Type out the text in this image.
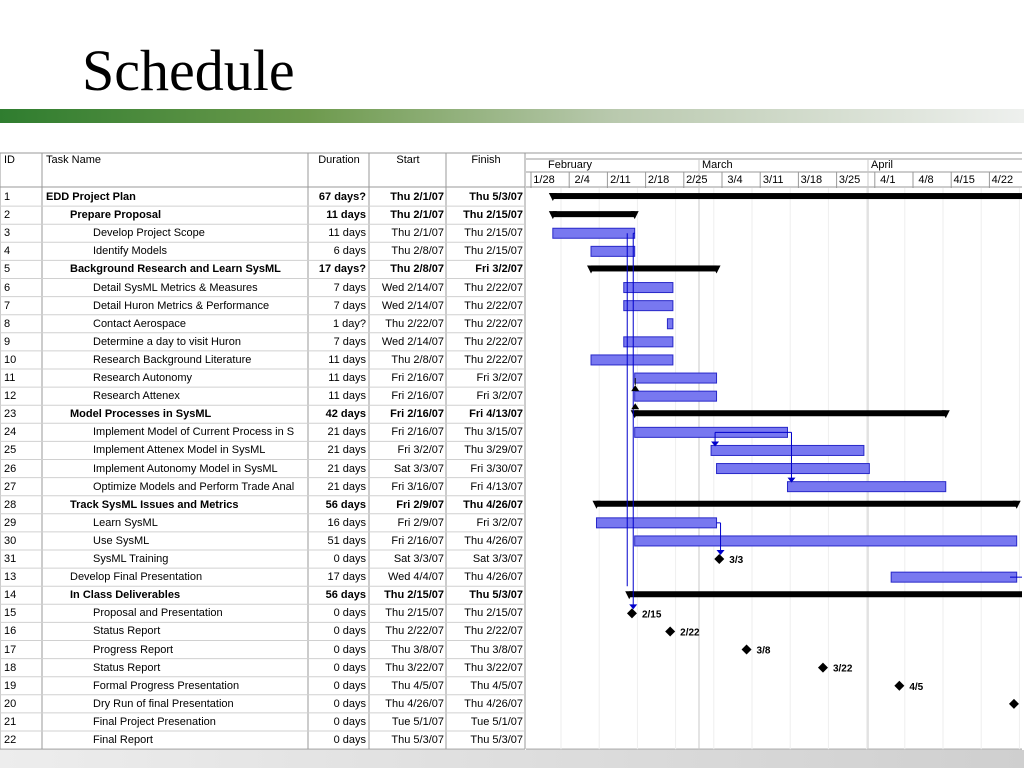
Schedule
3/3
2/15
2/22
3/8
3/22
4/5
ID	Task Name	Duration	Start	Finish	February	March	April
1/28	2/4	2/11	2/18	2/25	3/4	3/11	3/18	3/25	4/1	4/8	4/15	4/22
1	EDD Project Plan	67 days?	Thu 2/1/07	Thu 5/3/07
2	Prepare Proposal	11 days	Thu 2/1/07	Thu 2/15/07
3	Develop Project Scope	11 days	Thu 2/1/07	Thu 2/15/07
4	Identify Models	6 days	Thu 2/8/07	Thu 2/15/07
5	Background Research and Learn SysML	17 days?	Thu 2/8/07	Fri 3/2/07
6	Detail SysML Metrics & Measures	7 days	Wed 2/14/07	Thu 2/22/07
7	Detail Huron Metrics & Performance	7 days	Wed 2/14/07	Thu 2/22/07
8	Contact Aerospace	1 day?	Thu 2/22/07	Thu 2/22/07
9	Determine a day to visit Huron	7 days	Wed 2/14/07	Thu 2/22/07
10	Research Background Literature	11 days	Thu 2/8/07	Thu 2/22/07
11	Research Autonomy	11 days	Fri 2/16/07	Fri 3/2/07
12	Research Attenex	11 days	Fri 2/16/07	Fri 3/2/07
23	Model Processes in SysML	42 days	Fri 2/16/07	Fri 4/13/07
24	Implement Model of Current Process in S	21 days	Fri 2/16/07	Thu 3/15/07
25	Implement Attenex Model in SysML	21 days	Fri 3/2/07	Thu 3/29/07
26	Implement Autonomy Model in SysML	21 days	Sat 3/3/07	Fri 3/30/07
27	Optimize Models and Perform Trade Anal	21 days	Fri 3/16/07	Fri 4/13/07
28	Track SysML Issues and Metrics	56 days	Fri 2/9/07	Thu 4/26/07
29	Learn SysML	16 days	Fri 2/9/07	Fri 3/2/07
30	Use SysML	51 days	Fri 2/16/07	Thu 4/26/07
31	SysML Training	0 days	Sat 3/3/07	Sat 3/3/07
13	Develop Final Presentation	17 days	Wed 4/4/07	Thu 4/26/07
14	In Class Deliverables	56 days	Thu 2/15/07	Thu 5/3/07
15	Proposal and Presentation	0 days	Thu 2/15/07	Thu 2/15/07
16	Status Report	0 days	Thu 2/22/07	Thu 2/22/07
17	Progress Report	0 days	Thu 3/8/07	Thu 3/8/07
18	Status Report	0 days	Thu 3/22/07	Thu 3/22/07
19	Formal Progress Presentation	0 days	Thu 4/5/07	Thu 4/5/07
20	Dry Run of final Presentation	0 days	Thu 4/26/07	Thu 4/26/07
21	Final Project Presenation	0 days	Tue 5/1/07	Tue 5/1/07
22	Final Report	0 days	Thu 5/3/07	Thu 5/3/07
